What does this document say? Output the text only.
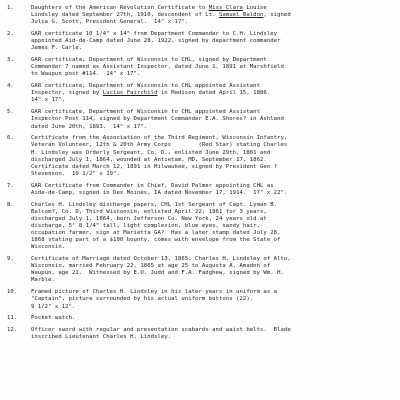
1.	Daughters of the American Revolution Certificate to Miss Clara Louise
Lindsley dated September 27th, 1910, descendent of Lt. Samuel Baldon, signed
Julia G. Scott, President General.  14" x 17".
2.	GAR certificate 10 1/4" x 14" from Department Commander to C.H. Lindsley
appointed Aid-de-Camp dated June 28, 1922, signed by department commander
James F. Carle.
3.	GAR certificate, Department of Wisconsin to CHL, signed by Department
Commander 7 named as Assistant Inspector, dated June 1, 1891 at Marshfield
to Waupun post #114.  14" x 17".
4.	GAR certificate, Department of Wisconsin to CHL appointed Assistant
Inspector, signed by Lucius Fairchild in Madison dated April 15, 1886.
14" x 17".
5.	GAR certificate, Department of Wisconsin to CHL appointed Assistant
Inspector Post 114, signed by Department Commander E.A. Shores? in Ashland
dated June 20th, 1893.  14" x 17".
6.	Certificate from the Association of the Third Regiment, Wisconsin Infantry,
Veteran Volunteer, 12th & 20th Army Corps        (Red Star) stating Charles
H. Lindsley was Orderly Sergeant, Co. D., enlisted June 29th, 1861 and
discharged July 1, 1864, wounded at Antietam, MD, September 17, 1862.
Certificate dated March 12, 1891 in Milwaukee, signed by President Geo ?
Stevenson.  10 1/2" x 19".
7.	GAR Certificate from Commander in Chief, David Palmer appointing CHL as
Aide-de-Camp, signed in Des Moines, IA dated November 17, 1914.  17" x 22".
8.	Charles H. Lindsley discharge papers, CHL 1st Sergeant of Capt. Lyman B.
Balcom?, Co. D, Third Wisconsin, enlisted April 22, 1861 for 3 years,
discharged July 1, 1864, born Jefferson Co. New York, 24 years old at
discharge, 5' 8 1/4" tall, light complexion, blue eyes, sandy hair,
occupation farmer, sign at Marietta GA?  Has a later stamp dated July 28,
1868 stating part of a $100 bounty, comes with envelope from the State of
Wisconsin.
9.	Certificate of Marriage dated October 13, 1865, Charles H. Lindsley of Alto,
Wisconsin, married February 22, 1865 at age 25 to Augusta A. Amadon of
Waupun, age 21.  Witnessed by E.U. Judd and F.A. Fadghew, signed by Wm. H.
Marble.
10.	Framed picture of Charles H. Lindsley in his later years in uniform as a
"Captain", picture surrounded by his actual uniform buttons (22).
9 1/2" x 12".
11.	Pocket watch.
12.	Officer sword with regular and presentation scabards and waist belts.  Blade
inscribed Lieutenant Charles H. Lindsley.
